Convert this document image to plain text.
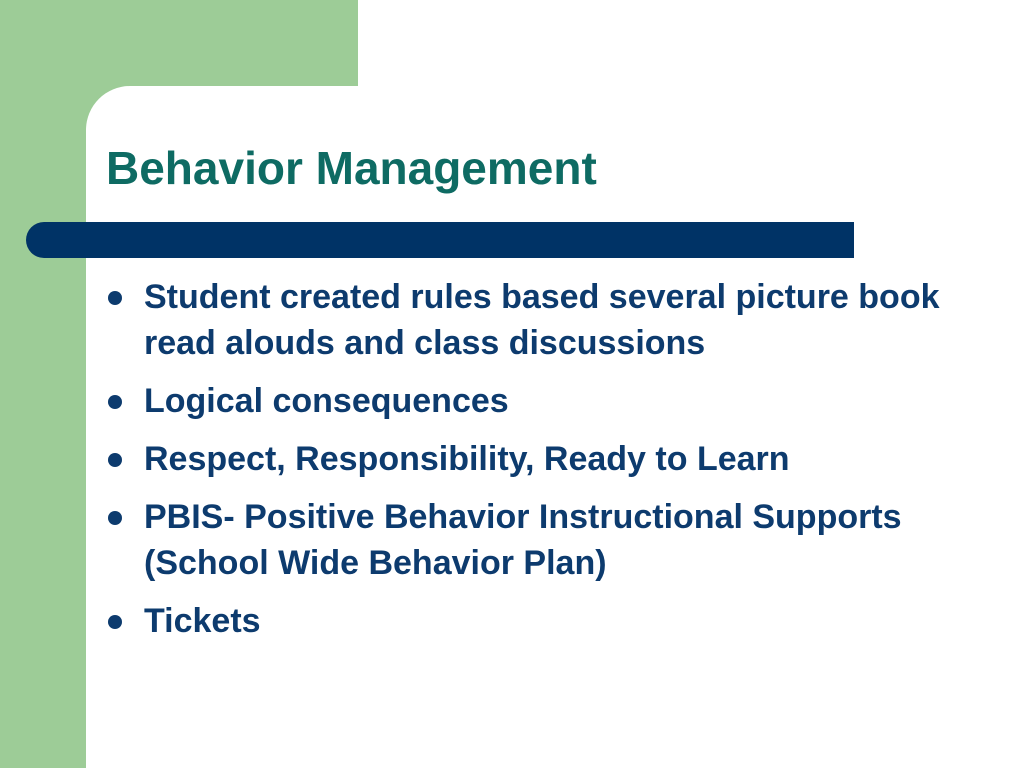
Behavior Management
Student created rules based several picture book read alouds and class discussions
Logical consequences
Respect, Responsibility, Ready to Learn
PBIS- Positive Behavior Instructional Supports (School Wide Behavior Plan)
Tickets
